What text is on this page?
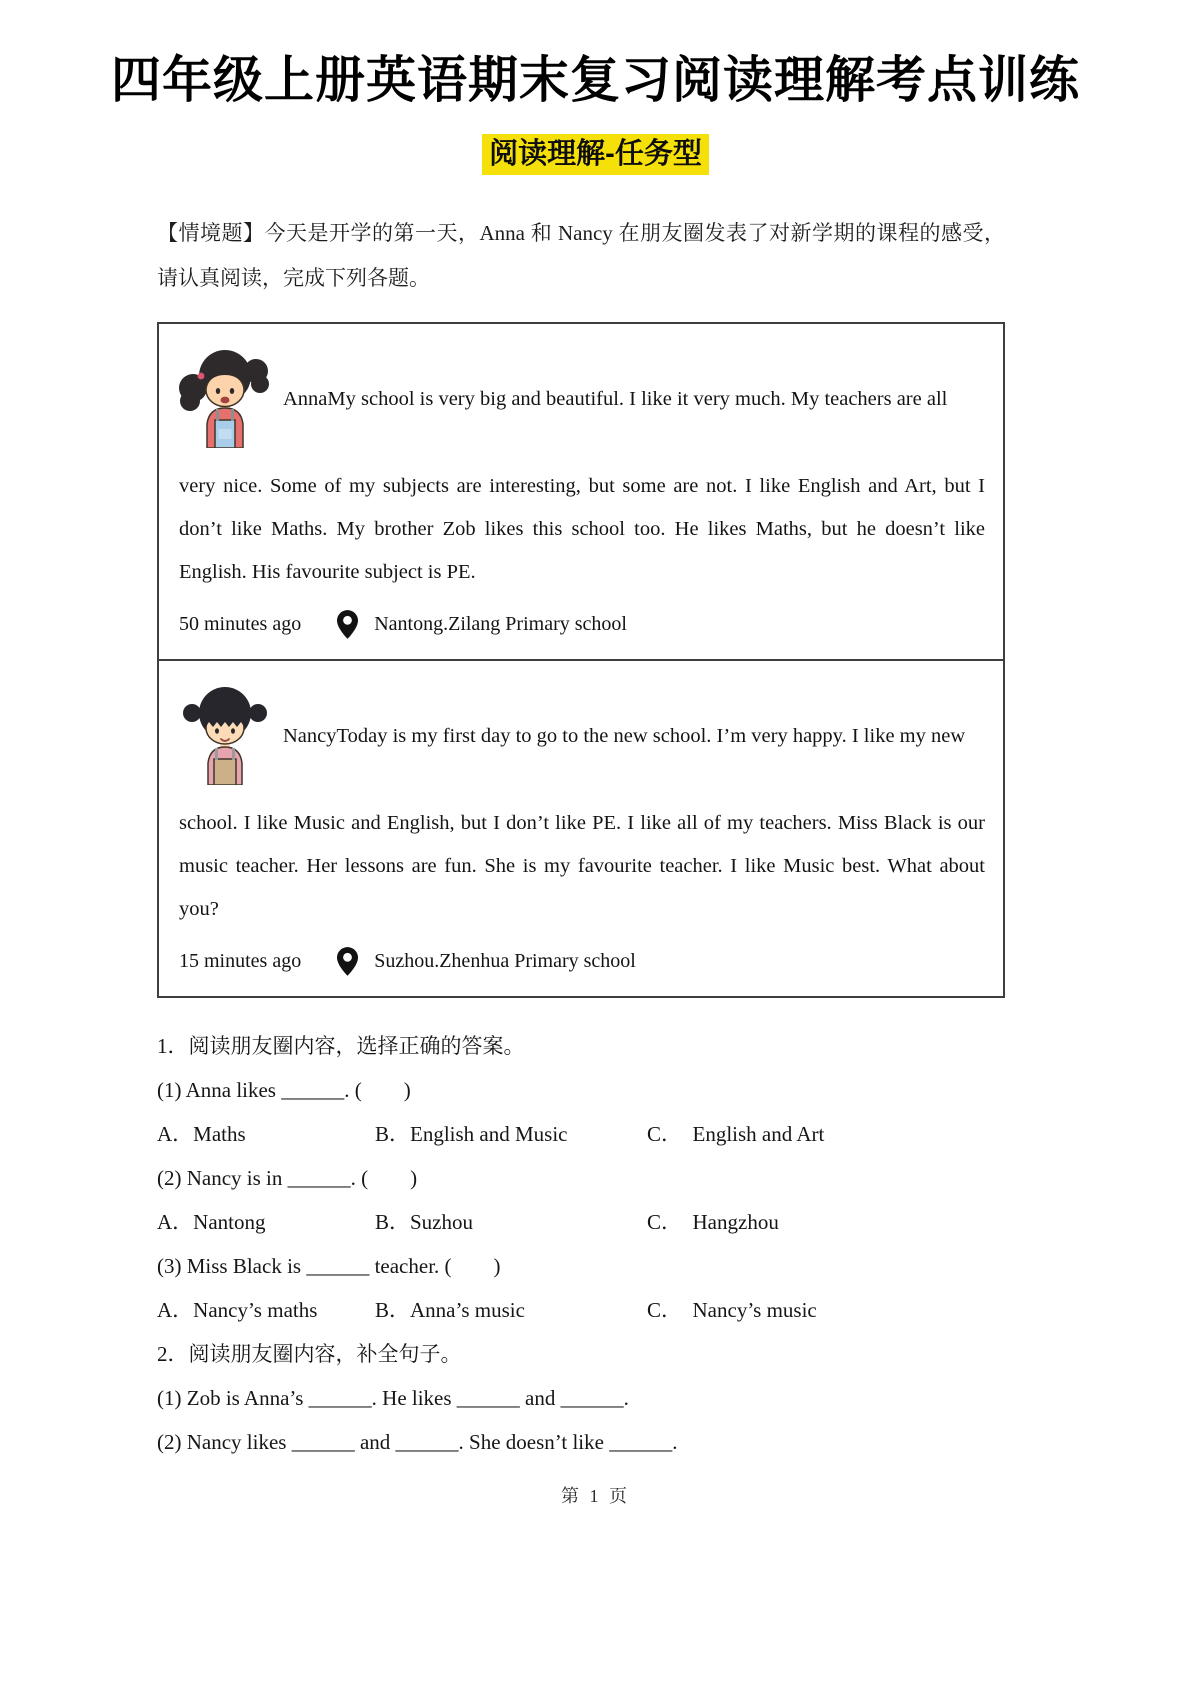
四年级上册英语期末复习阅读理解考点训练
阅读理解-任务型

【情境题】今天是开学的第一天，Anna 和 Nancy 在朋友圈发表了对新学期的课程的感受，请认真阅读，完成下列各题。

AnnaMy school is very big and beautiful. I like it very much. My teachers are all
very nice. Some of my subjects are interesting, but some are not. I like English and Art, but I don’t like Maths. My brother Zob likes this school too. He likes Maths, but he doesn’t like English. His favourite subject is PE.
50 minutes ago	Nantong.Zilang Primary school
NancyToday is my first day to go to the new school. I’m very happy. I like my new
school. I like Music and English, but I don’t like PE. I like all of my teachers. Miss Black is our music teacher. Her lessons are fun. She is my favourite teacher. I like Music best. What about you?
15 minutes ago	Suzhou.Zhenhua Primary school
1．阅读朋友圈内容，选择正确的答案。
(1) Anna likes ______. (        )
A．Maths	B．English and Music	C．  English and Art
(2) Nancy is in ______. (        )
A．Nantong	B．Suzhou	C．  Hangzhou
(3) Miss Black is ______ teacher. (        )
A．Nancy’s maths	B．Anna’s music	C．  Nancy’s music
2．阅读朋友圈内容，补全句子。
(1) Zob is Anna’s ______. He likes ______ and ______.
(2) Nancy likes ______ and ______. She doesn’t like ______.
第 1 页
